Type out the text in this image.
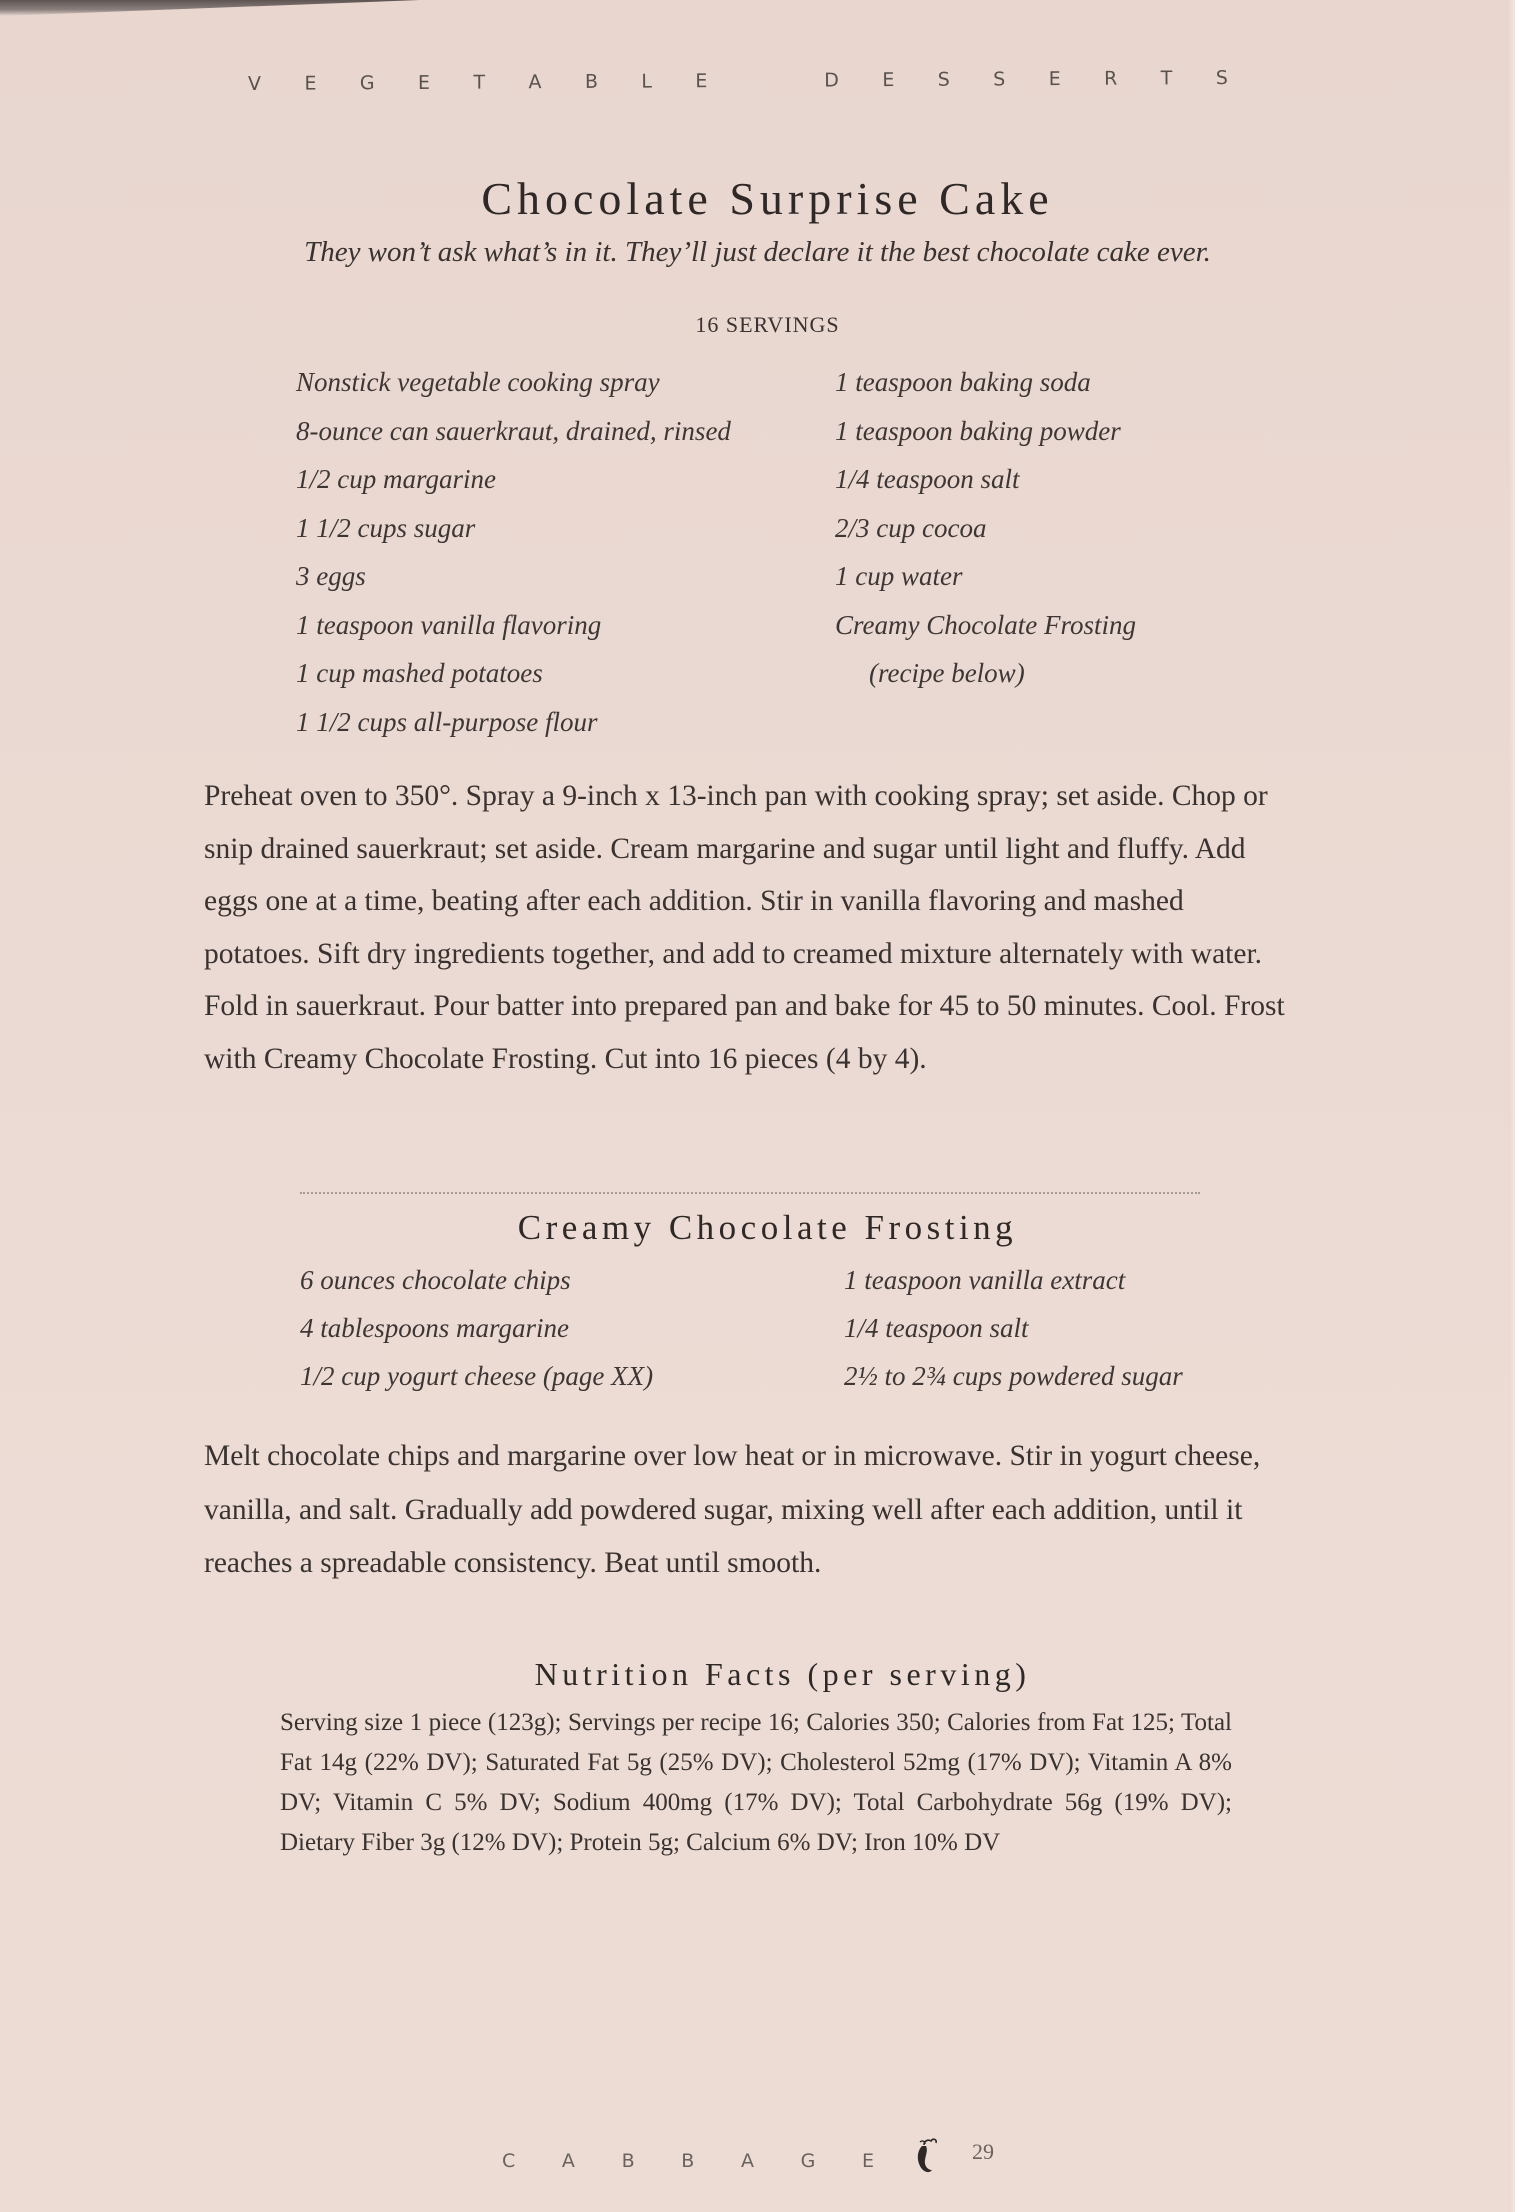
V E G E T A B L E	D E S S E R T S
Chocolate Surprise Cake
They won’t ask what’s in it. They’ll just declare it the best chocolate cake ever.
16 SERVINGS
Nonstick vegetable cooking spray
8-ounce can sauerkraut, drained, rinsed
1/2 cup margarine
1 1/2 cups sugar
3 eggs
1 teaspoon vanilla flavoring
1 cup mashed potatoes
1 1/2 cups all-purpose flour
1 teaspoon baking soda
1 teaspoon baking powder
1/4 teaspoon salt
2/3 cup cocoa
1 cup water
Creamy Chocolate Frosting
(recipe below)
Preheat oven to 350°. Spray a 9-inch x 13-inch pan with cooking spray; set aside. Chop or snip drained sauerkraut; set aside. Cream margarine and sugar until light and fluffy. Add eggs one at a time, beating after each addition. Stir in vanilla flavoring and mashed potatoes. Sift dry ingredients together, and add to creamed mixture alternately with water. Fold in sauerkraut. Pour batter into prepared pan and bake for 45 to 50 minutes. Cool. Frost with Creamy Chocolate Frosting. Cut into 16 pieces (4 by 4).
Creamy Chocolate Frosting
6 ounces chocolate chips
4 tablespoons margarine
1/2 cup yogurt cheese (page XX)
1 teaspoon vanilla extract
1/4 teaspoon salt
2½ to 2¾ cups powdered sugar
Melt chocolate chips and margarine over low heat or in microwave. Stir in yogurt cheese, vanilla, and salt. Gradually add powdered sugar, mixing well after each addition, until it reaches a spreadable consistency. Beat until smooth.
Nutrition Facts (per serving)
Serving size 1 piece (123g); Servings per recipe 16; Calories 350; Calories from Fat 125; Total Fat 14g (22% DV); Saturated Fat 5g (25% DV); Cholesterol 52mg (17% DV); Vitamin A 8% DV; Vitamin C 5% DV; Sodium 400mg (17% DV); Total Carbohydrate 56g (19% DV); Dietary Fiber 3g (12% DV); Protein 5g; Calcium 6% DV; Iron 10% DV
C A B B A G E	29
